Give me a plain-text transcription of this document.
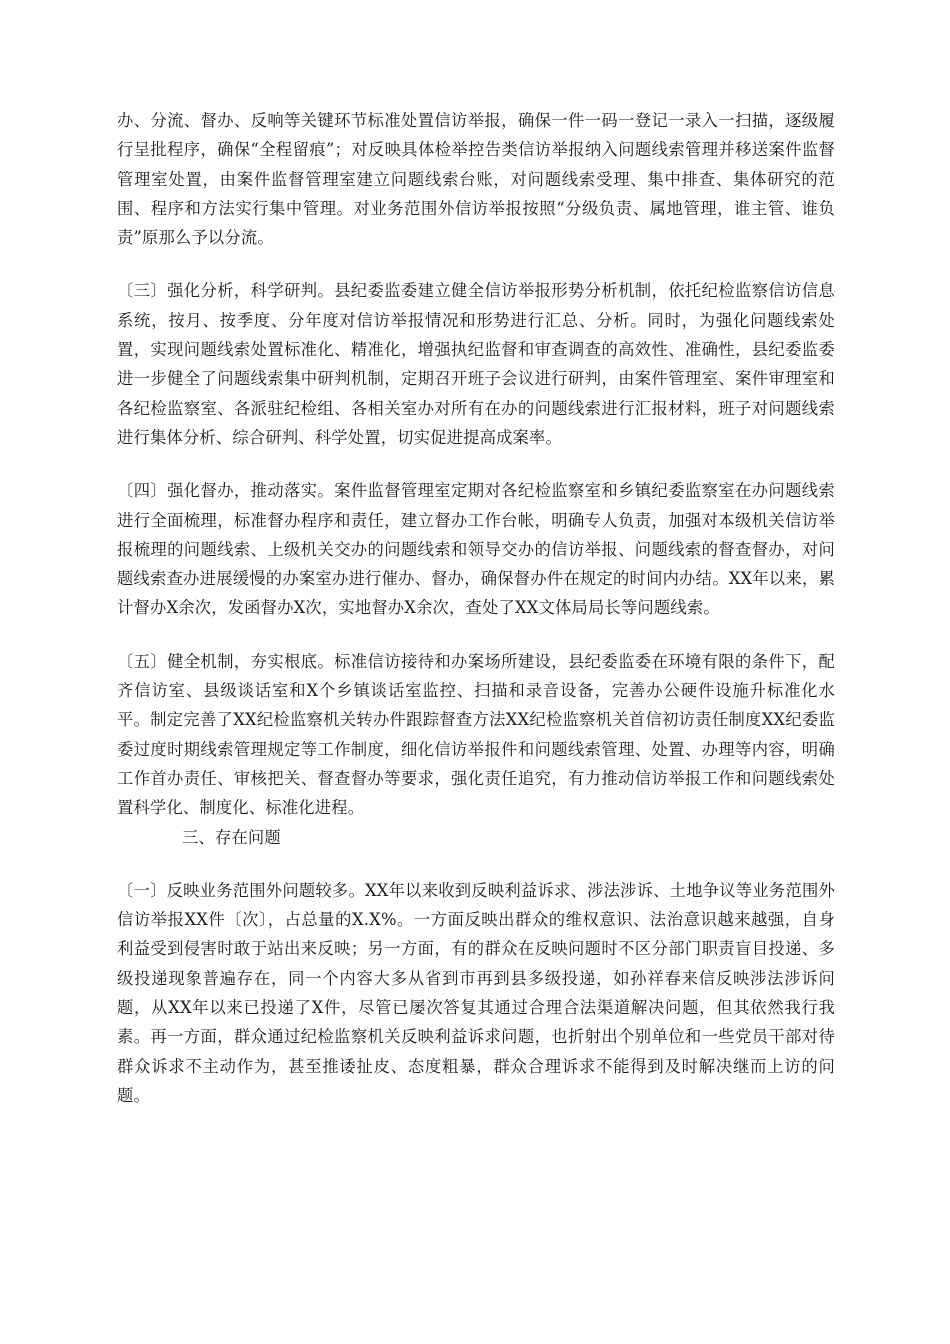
办、分流、督办、反响等关键环节标准处置信访举报，确保一件一码一登记一录入一扫描，逐级履行呈批程序，确保“全程留痕”；对反映具体检举控告类信访举报纳入问题线索管理并移送案件监督管理室处置，由案件监督管理室建立问题线索台账，对问题线索受理、集中排查、集体研究的范围、程序和方法实行集中管理。对业务范围外信访举报按照“分级负责、属地管理，谁主管、谁负责”原那么予以分流。

〔三〕强化分析，科学研判。县纪委监委建立健全信访举报形势分析机制，依托纪检监察信访信息系统，按月、按季度、分年度对信访举报情况和形势进行汇总、分析。同时，为强化问题线索处置，实现问题线索处置标准化、精准化，增强执纪监督和审查调查的高效性、准确性，县纪委监委进一步健全了问题线索集中研判机制，定期召开班子会议进行研判，由案件管理室、案件审理室和各纪检监察室、各派驻纪检组、各相关室办对所有在办的问题线索进行汇报材料，班子对问题线索进行集体分析、综合研判、科学处置，切实促进提高成案率。

〔四〕强化督办，推动落实。案件监督管理室定期对各纪检监察室和乡镇纪委监察室在办问题线索进行全面梳理，标准督办程序和责任，建立督办工作台帐，明确专人负责，加强对本级机关信访举报梳理的问题线索、上级机关交办的问题线索和领导交办的信访举报、问题线索的督查督办，对问题线索查办进展缓慢的办案室办进行催办、督办，确保督办件在规定的时间内办结。XX年以来，累计督办X余次，发函督办X次，实地督办X余次，查处了XX文体局局长等问题线索。

〔五〕健全机制，夯实根底。标准信访接待和办案场所建设，县纪委监委在环境有限的条件下，配齐信访室、县级谈话室和X个乡镇谈话室监控、扫描和录音设备，完善办公硬件设施升标准化水平。制定完善了XX纪检监察机关转办件跟踪督查方法XX纪检监察机关首信初访责任制度XX纪委监委过度时期线索管理规定等工作制度，细化信访举报件和问题线索管理、处置、办理等内容，明确工作首办责任、审核把关、督查督办等要求，强化责任追究，有力推动信访举报工作和问题线索处置科学化、制度化、标准化进程。

三、存在问题

〔一〕反映业务范围外问题较多。XX年以来收到反映利益诉求、涉法涉诉、土地争议等业务范围外信访举报XX件〔次〕，占总量的X.X%。一方面反映出群众的维权意识、法治意识越来越强，自身利益受到侵害时敢于站出来反映；另一方面，有的群众在反映问题时不区分部门职责盲目投递、多级投递现象普遍存在，同一个内容大多从省到市再到县多级投递，如孙祥春来信反映涉法涉诉问题，从XX年以来已投递了X件，尽管已屡次答复其通过合理合法渠道解决问题，但其依然我行我素。再一方面，群众通过纪检监察机关反映利益诉求问题，也折射出个别单位和一些党员干部对待群众诉求不主动作为，甚至推诿扯皮、态度粗暴，群众合理诉求不能得到及时解决继而上访的问题。
